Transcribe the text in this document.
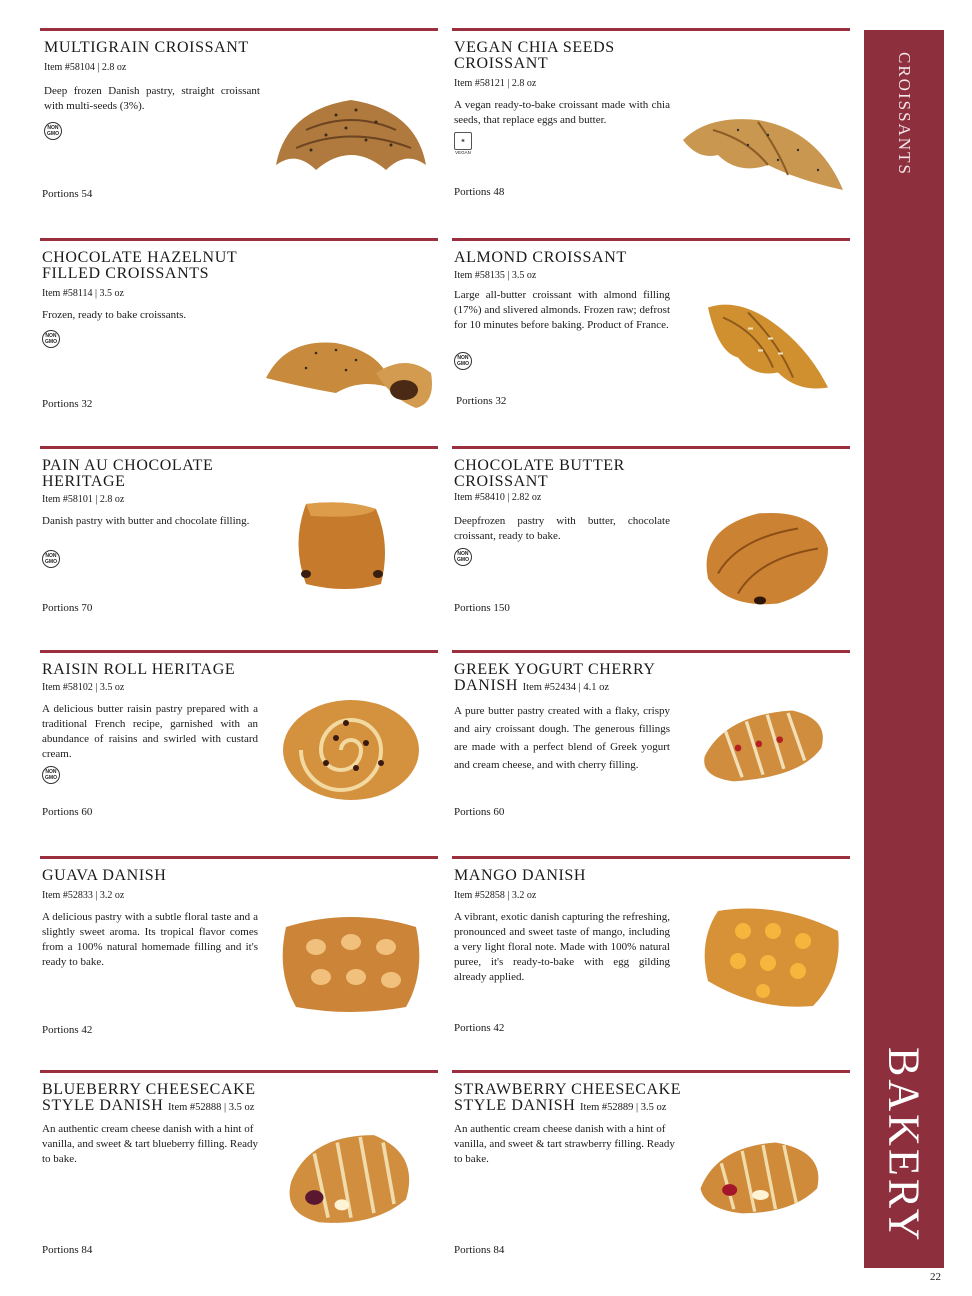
MULTIGRAIN CROISSANT
Item #58104 | 2.8 oz
Deep frozen Danish pastry, straight croissant with multi-seeds (3%).
NON
GMO
Portions 54
VEGAN CHIA SEEDS CROISSANT
Item #58121 | 2.8 oz
A vegan ready-to-bake croissant made with chia seeds, that replace eggs and butter.
❀
VEGAN
Portions 48
CHOCOLATE HAZELNUT FILLED CROISSANTS
Item #58114 | 3.5 oz
Frozen, ready to bake croissants.
NON
GMO
Portions 32
ALMOND CROISSANT
Item #58135 | 3.5 oz
Large all-butter croissant with almond filling (17%) and slivered almonds. Frozen raw; defrost for 10 minutes before baking. Product of France.
NON
GMO
Portions 32
PAIN AU CHOCOLATE HERITAGE
Item #58101 | 2.8 oz
Danish pastry with butter and chocolate filling.
NON
GMO
Portions 70
CHOCOLATE BUTTER CROISSANT
Item #58410 | 2.82 oz
Deepfrozen pastry with butter, chocolate croissant, ready to bake.
NON
GMO
Portions 150
RAISIN ROLL HERITAGE
Item #58102 | 3.5 oz
A delicious butter raisin pastry prepared with a traditional French recipe, garnished with an abundance of raisins and swirled with custard cream.
NON
GMO
Portions 60
GREEK YOGURT CHERRY DANISH Item #52434 | 4.1 oz
A pure butter pastry created with a flaky, crispy and airy croissant dough. The generous fillings are made with a perfect blend of Greek yogurt and cream cheese, and with cherry filling.
Portions 60
GUAVA DANISH
Item #52833 | 3.2 oz
A delicious pastry with a subtle floral taste and a slightly sweet aroma. Its tropical flavor comes from a 100% natural homemade filling and it's ready to bake.
Portions 42
MANGO DANISH
Item #52858 | 3.2 oz
A vibrant, exotic danish capturing the refreshing, pronounced and sweet taste of mango, including a very light floral note. Made with 100% natural puree, it's ready-to-bake with egg gilding already applied.
Portions 42
BLUEBERRY CHEESECAKE STYLE DANISH Item #52888 | 3.5 oz
An authentic cream cheese danish with a hint of vanilla, and sweet & tart blueberry filling. Ready to bake.
Portions 84
STRAWBERRY CHEESECAKE STYLE DANISH Item #52889 | 3.5 oz
An authentic cream cheese danish with a hint of vanilla, and sweet & tart strawberry filling. Ready to bake.
Portions 84
CROISSANTS
BAKERY
22
